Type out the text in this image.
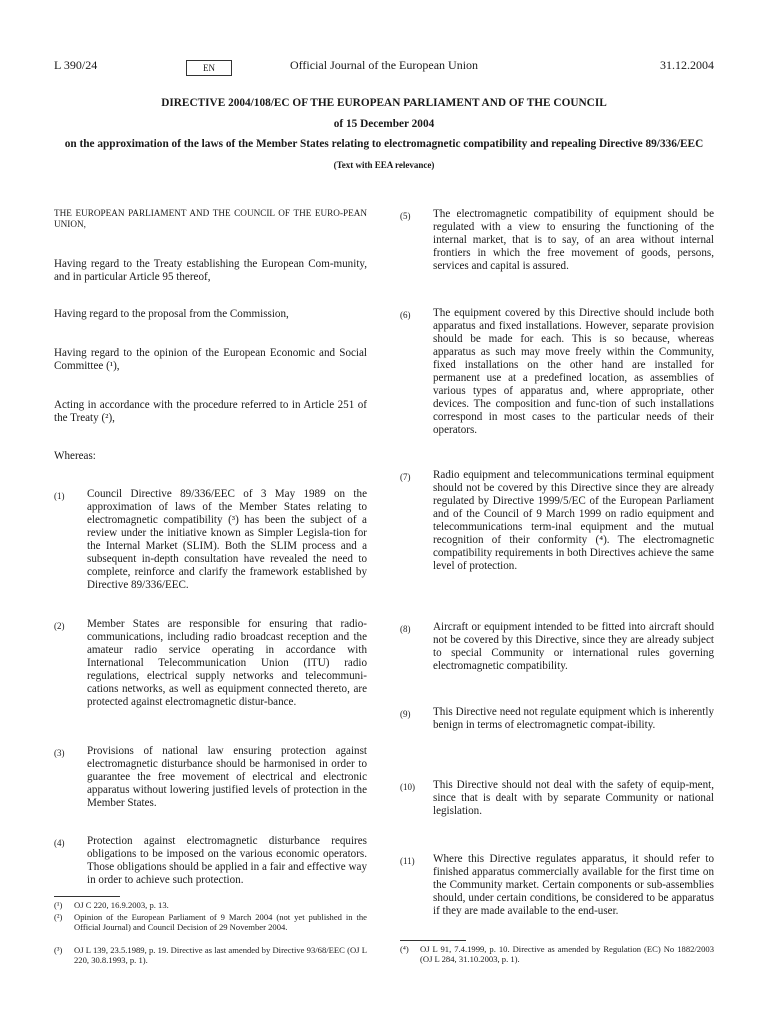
L 390/24	EN	Official Journal of the European Union	31.12.2004
DIRECTIVE 2004/108/EC OF THE EUROPEAN PARLIAMENT AND OF THE COUNCIL
of 15 December 2004
on the approximation of the laws of the Member States relating to electromagnetic compatibility and repealing Directive 89/336/EEC
(Text with EEA relevance)

THE EUROPEAN PARLIAMENT AND THE COUNCIL OF THE EURO-PEAN UNION,

Having regard to the Treaty establishing the European Com-munity, and in particular Article 95 thereof,

Having regard to the proposal from the Commission,

Having regard to the opinion of the European Economic and Social Committee (¹),

Acting in accordance with the procedure referred to in Article 251 of the Treaty (²),

Whereas:

(1) Council Directive 89/336/EEC of 3 May 1989 on the approximation of laws of the Member States relating to electromagnetic compatibility (³) has been the subject of a review under the initiative known as Simpler Legisla-tion for the Internal Market (SLIM). Both the SLIM process and a subsequent in-depth consultation have revealed the need to complete, reinforce and clarify the framework established by Directive 89/336/EEC.

(2) Member States are responsible for ensuring that radio-communications, including radio broadcast reception and the amateur radio service operating in accordance with International Telecommunication Union (ITU) radio regulations, electrical supply networks and telecommuni-cations networks, as well as equipment connected thereto, are protected against electromagnetic distur-bance.

(3) Provisions of national law ensuring protection against electromagnetic disturbance should be harmonised in order to guarantee the free movement of electrical and electronic apparatus without lowering justified levels of protection in the Member States.

(4) Protection against electromagnetic disturbance requires obligations to be imposed on the various economic operators. Those obligations should be applied in a fair and effective way in order to achieve such protection.

(¹) OJ C 220, 16.9.2003, p. 13.

(²) Opinion of the European Parliament of 9 March 2004 (not yet published in the Official Journal) and Council Decision of 29 November 2004.

(³) OJ L 139, 23.5.1989, p. 19. Directive as last amended by Directive 93/68/EEC (OJ L 220, 30.8.1993, p. 1).

(5) The electromagnetic compatibility of equipment should be regulated with a view to ensuring the functioning of the internal market, that is to say, of an area without internal frontiers in which the free movement of goods, persons, services and capital is assured.

(6) The equipment covered by this Directive should include both apparatus and fixed installations. However, separate provision should be made for each. This is so because, whereas apparatus as such may move freely within the Community, fixed installations on the other hand are installed for permanent use at a predefined location, as assemblies of various types of apparatus and, where appropriate, other devices. The composition and func-tion of such installations correspond in most cases to the particular needs of their operators.

(7) Radio equipment and telecommunications terminal equipment should not be covered by this Directive since they are already regulated by Directive 1999/5/EC of the European Parliament and of the Council of 9 March 1999 on radio equipment and telecommunications term-inal equipment and the mutual recognition of their conformity (⁴). The electromagnetic compatibility requirements in both Directives achieve the same level of protection.

(8) Aircraft or equipment intended to be fitted into aircraft should not be covered by this Directive, since they are already subject to special Community or international rules governing electromagnetic compatibility.

(9) This Directive need not regulate equipment which is inherently benign in terms of electromagnetic compat-ibility.

(10) This Directive should not deal with the safety of equip-ment, since that is dealt with by separate Community or national legislation.

(11) Where this Directive regulates apparatus, it should refer to finished apparatus commercially available for the first time on the Community market. Certain components or sub-assemblies should, under certain conditions, be considered to be apparatus if they are made available to the end-user.

(⁴) OJ L 91, 7.4.1999, p. 10. Directive as amended by Regulation (EC) No 1882/2003 (OJ L 284, 31.10.2003, p. 1).
